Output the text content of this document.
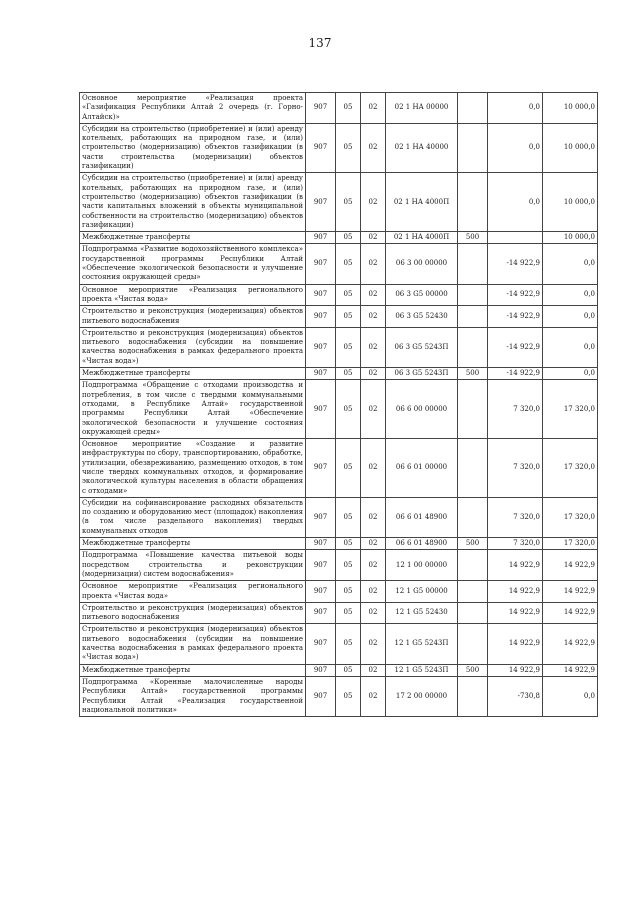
137
Основное мероприятие «Реализация проекта «Газификация Республики Алтай 2 очередь (г. Горно-Алтайск)»	907	05	02	02 1 НА 00000		0,0	10 000,0
Субсидии на строительство (приобретение) и (или) аренду котельных, работающих на природном газе, и (или) строительство (модернизацию) объектов газификации (в части строительства (модернизации) объектов газификации)	907	05	02	02 1 НА 40000		0,0	10 000,0
Субсидии на строительство (приобретение) и (или) аренду котельных, работающих на природном газе, и (или) строительство (модернизацию) объектов газификации (в части капитальных вложений в объекты муниципальной собственности на строительство (модернизацию) объектов газификации)	907	05	02	02 1 НА 4000П		0,0	10 000,0
Межбюджетные трансферты	907	05	02	02 1 НА 4000П	500		10 000,0
Подпрограмма «Развитие водохозяйственного комплекса» государственной программы Республики Алтай «Обеспечение экологической безопасности и улучшение состояния окружающей среды»	907	05	02	06 3 00 00000		-14 922,9	0,0
Основное мероприятие «Реализация регионального проекта «Чистая вода»	907	05	02	06 3 G5 00000		-14 922,9	0,0
Строительство и реконструкция (модернизация) объектов питьевого водоснабжения	907	05	02	06 3 G5 52430		-14 922,9	0,0
Строительство и реконструкция (модернизация) объектов питьевого водоснабжения (субсидии на повышение качества водоснабжения в рамках федерального проекта «Чистая вода»)	907	05	02	06 3 G5 5243П		-14 922,9	0,0
Межбюджетные трансферты	907	05	02	06 3 G5 5243П	500	-14 922,9	0,0
Подпрограмма «Обращение с отходами производства и потребления, в том числе с твердыми коммунальными отходами, в Республике Алтай» государственной программы Республики Алтай «Обеспечение экологической безопасности и улучшение состояния окружающей среды»	907	05	02	06 6 00 00000		7 320,0	17 320,0
Основное мероприятие «Создание и развитие инфраструктуры по сбору, транспортированию, обработке, утилизации, обезвреживанию, размещению отходов, в том числе твердых коммунальных отходов, и формирование экологической культуры населения в области обращения с отходами»	907	05	02	06 6 01 00000		7 320,0	17 320,0
Субсидии на софинансирование расходных обязательств по созданию и оборудованию мест (площадок) накопления (в том числе раздельного накопления) твердых коммунальных отходов	907	05	02	06 6 01 48900		7 320,0	17 320,0
Межбюджетные трансферты	907	05	02	06 6 01 48900	500	7 320,0	17 320,0
Подпрограмма «Повышение качества питьевой воды посредством строительства и реконструкции (модернизации) систем водоснабжения»	907	05	02	12 1 00 00000		14 922,9	14 922,9
Основное мероприятие «Реализация регионального проекта «Чистая вода»	907	05	02	12 1 G5 00000		14 922,9	14 922,9
Строительство и реконструкция (модернизация) объектов питьевого водоснабжения	907	05	02	12 1 G5 52430		14 922,9	14 922,9
Строительство и реконструкция (модернизация) объектов питьевого водоснабжения (субсидии на повышение качества водоснабжения в рамках федерального проекта «Чистая вода»)	907	05	02	12 1 G5 5243П		14 922,9	14 922,9
Межбюджетные трансферты	907	05	02	12 1 G5 5243П	500	14 922,9	14 922,9
Подпрограмма «Коренные малочисленные народы Республики Алтай» государственной программы Республики Алтай «Реализация государственной национальной политики»	907	05	02	17 2 00 00000		-730,8	0,0
